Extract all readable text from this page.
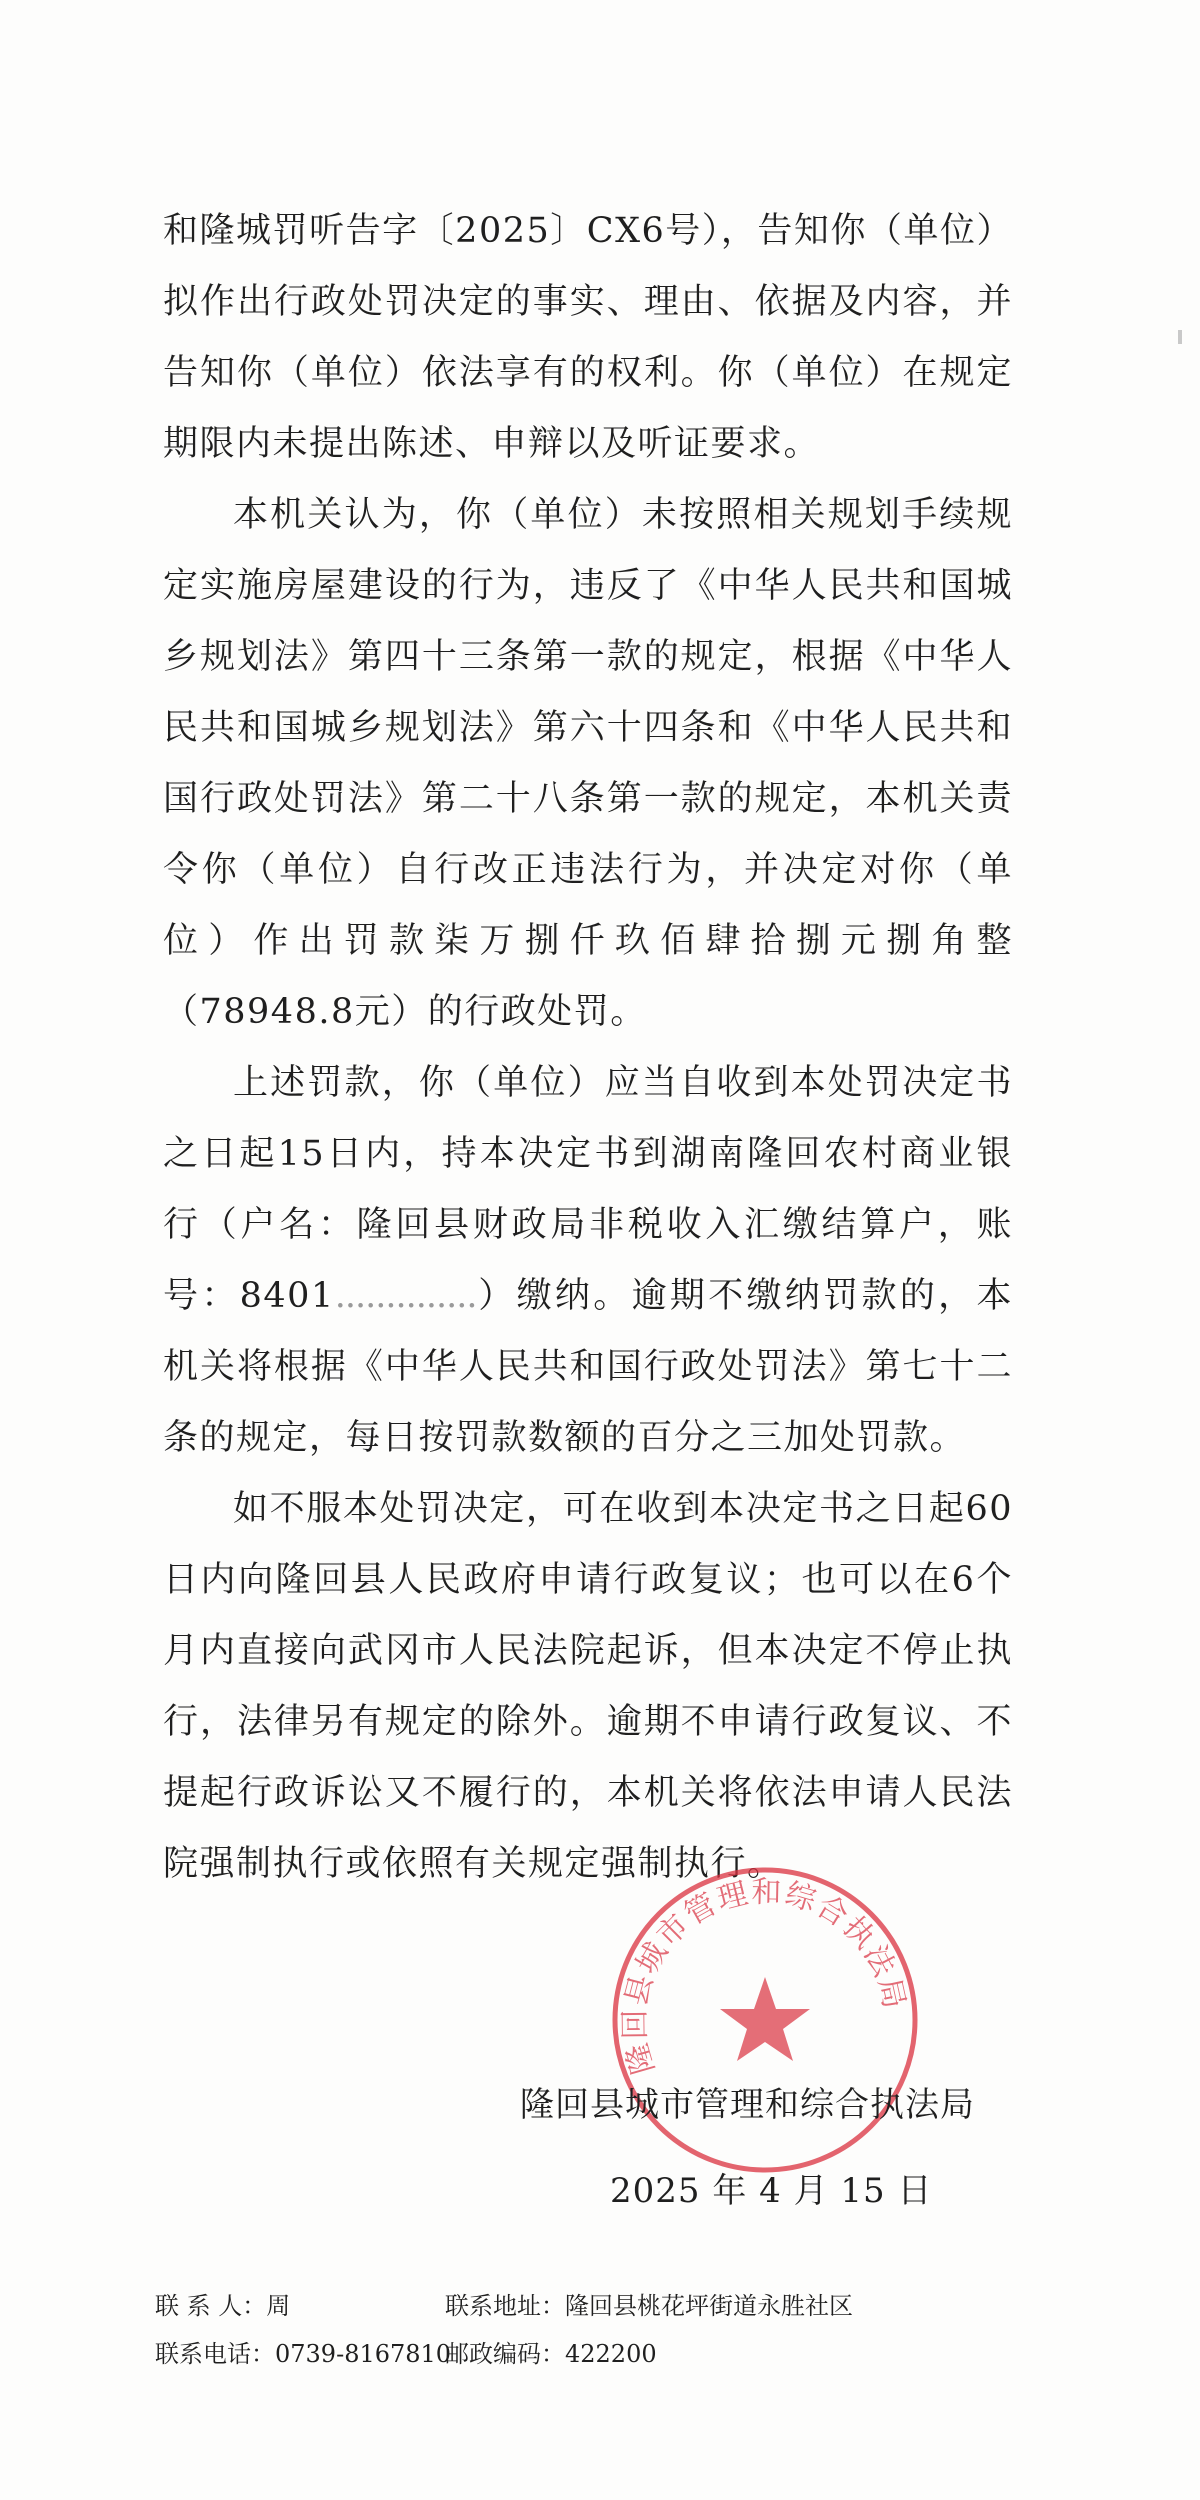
和隆城罚听告字〔2025〕CX6号），告知你（单位）拟作出行政处罚决定的事实、理由、依据及内容，并告知你（单位）依法享有的权利。你（单位）在规定期限内未提出陈述、申辩以及听证要求。

本机关认为，你（单位）未按照相关规划手续规定实施房屋建设的行为，违反了《中华人民共和国城乡规划法》第四十三条第一款的规定，根据《中华人民共和国城乡规划法》第六十四条和《中华人民共和国行政处罚法》第二十八条第一款的规定，本机关责令你（单位）自行改正违法行为，并决定对你（单位）作出罚款柒万捌仟玖佰肆拾捌元捌角整（78948.8元）的行政处罚。

上述罚款，你（单位）应当自收到本处罚决定书之日起15日内，持本决定书到湖南隆回农村商业银行（户名：隆回县财政局非税收入汇缴结算户，账号：8401..............）缴纳。逾期不缴纳罚款的，本机关将根据《中华人民共和国行政处罚法》第七十二条的规定，每日按罚款数额的百分之三加处罚款。

如不服本处罚决定，可在收到本决定书之日起60日内向隆回县人民政府申请行政复议；也可以在6个月内直接向武冈市人民法院起诉，但本决定不停止执行，法律另有规定的除外。逾期不申请行政复议、不提起行政诉讼又不履行的，本机关将依法申请人民法院强制执行或依照有关规定强制执行。

隆回县城市管理和综合执法局
隆回县城市管理和综合执法局
2025 年 4 月 15 日
联 系 人：周	联系地址：隆回县桃花坪街道永胜社区
联系电话：0739-8167810
邮政编码：422200
